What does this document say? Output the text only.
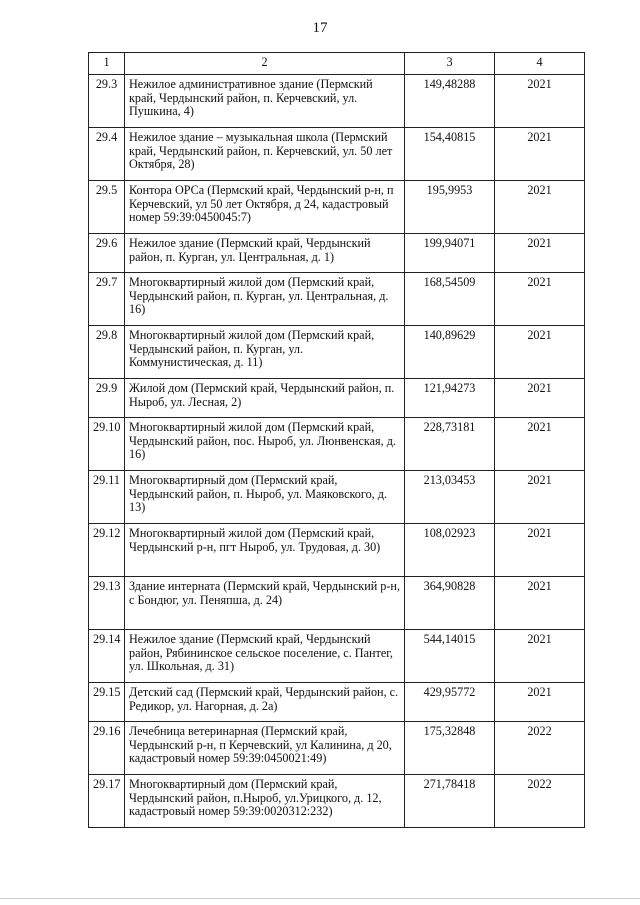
17
1	2	3	4
29.3	Нежилое административное здание (Пермский край, Чердынский район, п. Керчевский, ул. Пушкина, 4)	149,48288	2021
29.4	Нежилое здание – музыкальная школа (Пермский край, Чердынский район, п. Керчевский, ул. 50 лет Октября, 28)	154,40815	2021
29.5	Контора ОРСа (Пермский край, Чердынский р-н, п Керчевский, ул 50 лет Октября, д 24, кадастровый номер 59:39:0450045:7)	195,9953	2021
29.6	Нежилое здание (Пермский край, Чердынский район, п. Курган, ул. Центральная, д. 1)	199,94071	2021
29.7	Многоквартирный жилой дом (Пермский край, Чердынский район, п. Курган, ул. Центральная, д. 16)	168,54509	2021
29.8	Многоквартирный жилой дом (Пермский край, Чердынский район, п. Курган, ул. Коммунистическая, д. 11)	140,89629	2021
29.9	Жилой дом (Пермский край, Чердынский район, п. Ныроб, ул. Лесная, 2)	121,94273	2021
29.10	Многоквартирный жилой дом (Пермский край, Чердынский район, пос. Ныроб, ул. Люнвенская, д. 16)	228,73181	2021
29.11	Многоквартирный дом (Пермский край, Чердынский район, п. Ныроб, ул. Маяковского, д. 13)	213,03453	2021
29.12	Многоквартирный жилой дом (Пермский край, Чердынский р-н, пгт Ныроб, ул. Трудовая, д. 30)	108,02923	2021
29.13	Здание интерната (Пермский край, Чердынский р-н, с Бондюг, ул. Пеняпша, д. 24)	364,90828	2021
29.14	Нежилое здание (Пермский край, Чердынский район, Рябининское сельское поселение, с. Пантег, ул. Школьная, д. 31)	544,14015	2021
29.15	Детский сад (Пермский край, Чердынский район, с. Редикор, ул. Нагорная, д. 2а)	429,95772	2021
29.16	Лечебница ветеринарная (Пермский край, Чердынский р-н, п Керчевский, ул Калинина, д 20, кадастровый номер 59:39:0450021:49)	175,32848	2022
29.17	Многоквартирный дом (Пермский край, Чердынский район, п.Ныроб, ул.Урицкого, д. 12, кадастровый номер 59:39:0020312:232)	271,78418	2022
